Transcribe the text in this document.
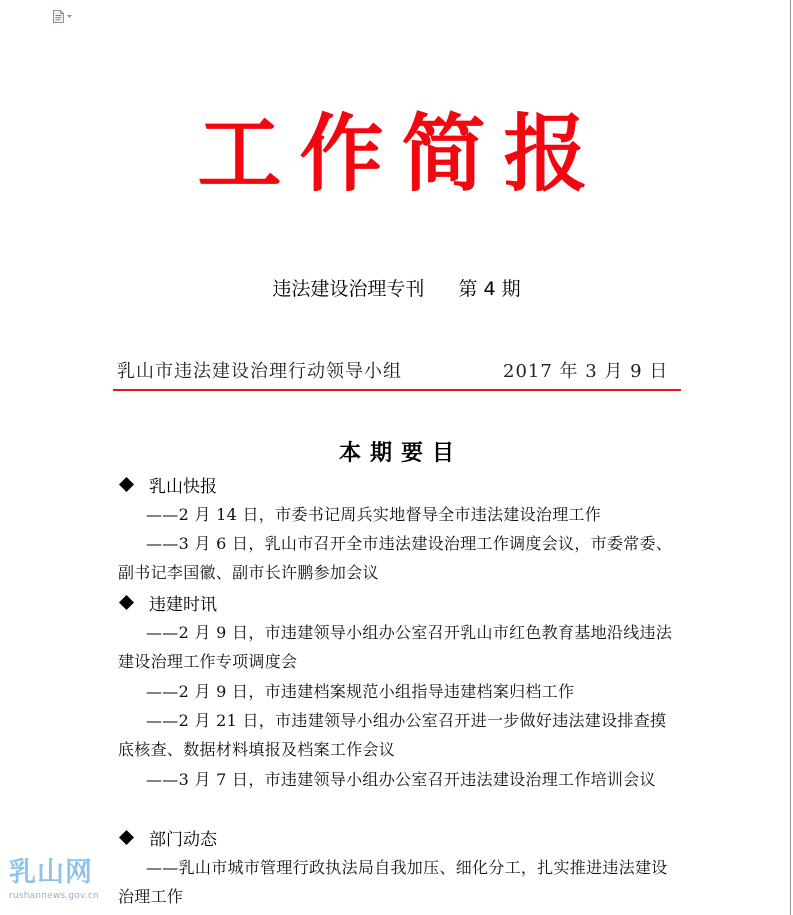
工作简报
违法建设治理专刊 第 4 期
乳山市违法建设治理行动领导小组	2017 年 3 月 9 日
本期要目
乳山快报
——2 月 14 日，市委书记周兵实地督导全市违法建设治理工作
——3 月 6 日，乳山市召开全市违法建设治理工作调度会议，市委常委、副书记李国徽、副市长许鹏参加会议
违建时讯
——2 月 9 日，市违建领导小组办公室召开乳山市红色教育基地沿线违法建设治理工作专项调度会
——2 月 9 日，市违建档案规范小组指导违建档案归档工作
——2 月 21 日，市违建领导小组办公室召开进一步做好违法建设排查摸底核查、数据材料填报及档案工作会议
——3 月 7 日，市违建领导小组办公室召开违法建设治理工作培训会议
部门动态
——乳山市城市管理行政执法局自我加压、细化分工，扎实推进违法建设治理工作
乳山网
rushannews.gov.cn
